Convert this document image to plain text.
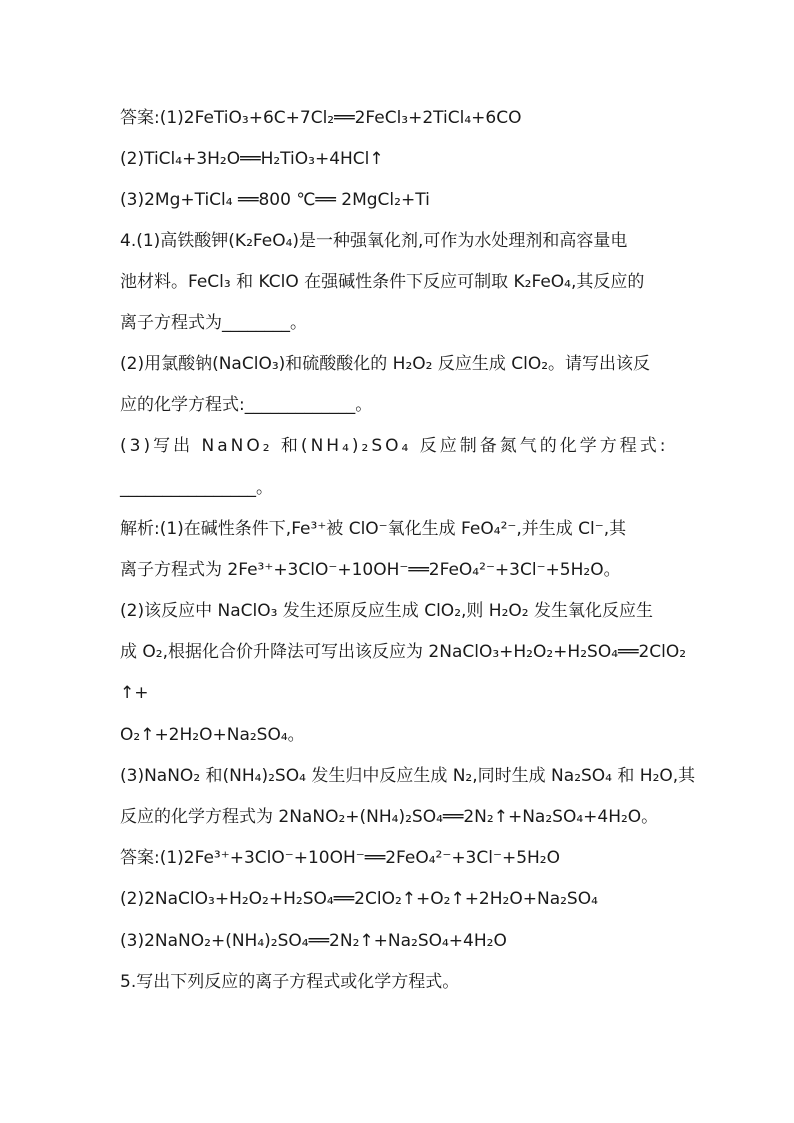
答案:(1)2FeTiO₃+6C+7Cl₂══2FeCl₃+2TiCl₄+6CO
(2)TiCl₄+3H₂O══H₂TiO₃+4HCl↑
(3)2Mg+TiCl₄ ══800 ℃══ 2MgCl₂+Ti
4.(1)高铁酸钾(K₂FeO₄)是一种强氧化剂,可作为水处理剂和高容量电
池材料。FeCl₃ 和 KClO 在强碱性条件下反应可制取 K₂FeO₄,其反应的
离子方程式为________。
(2)用氯酸钠(NaClO₃)和硫酸酸化的 H₂O₂ 反应生成 ClO₂。请写出该反
应的化学方程式:_____________。
(3)写出 NaNO₂ 和(NH₄)₂SO₄ 反应制备氮气的化学方程式:
________________。
解析:(1)在碱性条件下,Fe³⁺被 ClO⁻氧化生成 FeO₄²⁻,并生成 Cl⁻,其
离子方程式为 2Fe³⁺+3ClO⁻+10OH⁻══2FeO₄²⁻+3Cl⁻+5H₂O。
(2)该反应中 NaClO₃ 发生还原反应生成 ClO₂,则 H₂O₂ 发生氧化反应生
成 O₂,根据化合价升降法可写出该反应为 2NaClO₃+H₂O₂+H₂SO₄══2ClO₂
↑+
O₂↑+2H₂O+Na₂SO₄。
(3)NaNO₂ 和(NH₄)₂SO₄ 发生归中反应生成 N₂,同时生成 Na₂SO₄ 和 H₂O,其
反应的化学方程式为 2NaNO₂+(NH₄)₂SO₄══2N₂↑+Na₂SO₄+4H₂O。
答案:(1)2Fe³⁺+3ClO⁻+10OH⁻══2FeO₄²⁻+3Cl⁻+5H₂O
(2)2NaClO₃+H₂O₂+H₂SO₄══2ClO₂↑+O₂↑+2H₂O+Na₂SO₄
(3)2NaNO₂+(NH₄)₂SO₄══2N₂↑+Na₂SO₄+4H₂O
5.写出下列反应的离子方程式或化学方程式。
